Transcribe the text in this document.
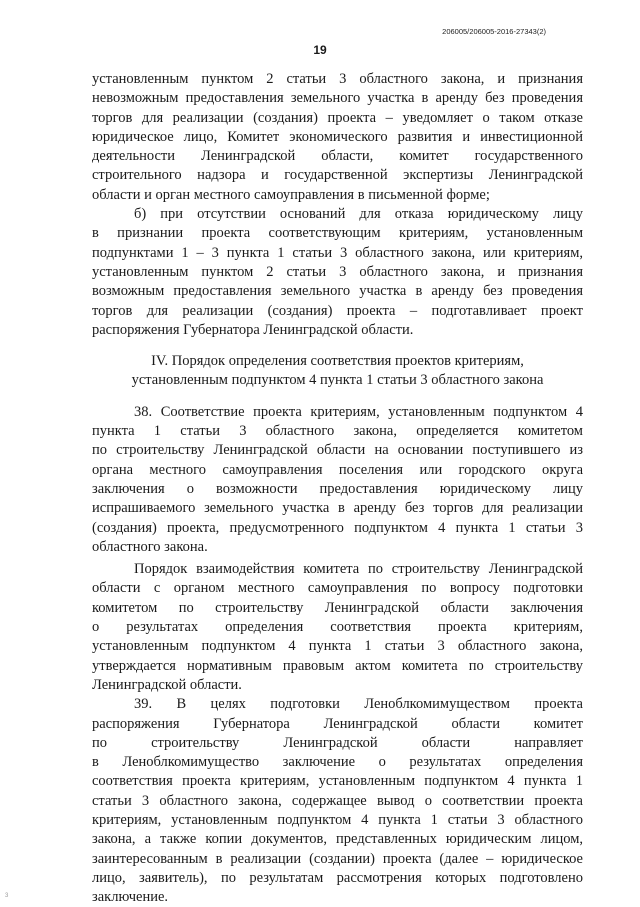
206005/206005-2016-27343(2)
19
установленным пунктом 2 статьи 3 областного закона, и признания
невозможным предоставления земельного участка в аренду без проведения
торгов для реализации (создания) проекта – уведомляет о таком отказе
юридическое лицо, Комитет экономического развития и инвестиционной
деятельности Ленинградской области, комитет государственного
строительного надзора и государственной экспертизы Ленинградской
области и орган местного самоуправления в письменной форме;
б) при отсутствии оснований для отказа юридическому лицу
в признании проекта соответствующим критериям, установленным
подпунктами 1 – 3 пункта 1 статьи 3 областного закона, или критериям,
установленным пунктом 2 статьи 3 областного закона, и признания
возможным предоставления земельного участка в аренду без проведения
торгов для реализации (создания) проекта – подготавливает проект
распоряжения Губернатора Ленинградской области.
IV. Порядок определения соответствия проектов критериям,
установленным подпунктом 4 пункта 1 статьи 3 областного закона
38. Соответствие проекта критериям, установленным подпунктом 4
пункта 1 статьи 3 областного закона, определяется комитетом
по строительству Ленинградской области на основании поступившего из
органа местного самоуправления поселения или городского округа
заключения о возможности предоставления юридическому лицу
испрашиваемого земельного участка в аренду без торгов для реализации
(создания) проекта, предусмотренного подпунктом 4 пункта 1 статьи 3
областного закона.
Порядок взаимодействия комитета по строительству Ленинградской
области с органом местного самоуправления по вопросу подготовки
комитетом по строительству Ленинградской области заключения
о результатах определения соответствия проекта критериям,
установленным подпунктом 4 пункта 1 статьи 3 областного закона,
утверждается нормативным правовым актом комитета по строительству
Ленинградской области.
39. В целях подготовки Леноблкомимуществом проекта
распоряжения Губернатора Ленинградской области комитет
по строительству Ленинградской области направляет
в Леноблкомимущество заключение о результатах определения
соответствия проекта критериям, установленным подпунктом 4 пункта 1
статьи 3 областного закона, содержащее вывод о соответствии проекта
критериям, установленным подпунктом 4 пункта 1 статьи 3 областного
закона, а также копии документов, представленных юридическим лицом,
заинтересованным в реализации (создании) проекта (далее – юридическое
лицо, заявитель), по результатам рассмотрения которых подготовлено
заключение.
3
